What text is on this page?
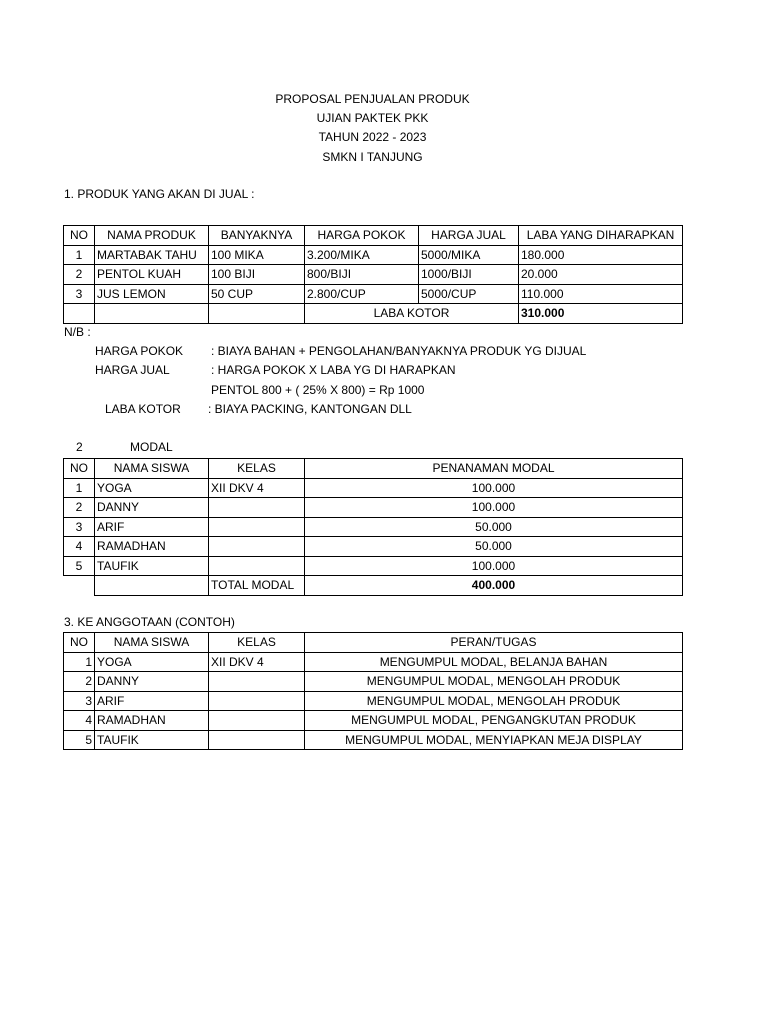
PROPOSAL PENJUALAN PRODUK
UJIAN PAKTEK PKK
TAHUN 2022 - 2023
SMKN I TANJUNG
1. PRODUK YANG AKAN DI JUAL :
NO	NAMA PRODUK	BANYAKNYA	HARGA POKOK	HARGA JUAL	LABA YANG DIHARAPKAN
1	MARTABAK TAHU	100 MIKA	3.200/MIKA	5000/MIKA	180.000
2	PENTOL KUAH	100 BIJI	800/BIJI	1000/BIJI	20.000
3	JUS LEMON	50 CUP	2.800/CUP	5000/CUP	110.000
			LABA KOTOR		310.000
N/B :
HARGA POKOK : BIAYA BAHAN + PENGOLAHAN/BANYAKNYA PRODUK YG DIJUAL
HARGA JUAL	: HARGA POKOK X LABA YG DI HARAPKAN
PENTOL 800 + ( 25% X 800) = Rp 1000
LABA KOTOR : BIAYA PACKING, KANTONGAN DLL
2	MODAL
NO	NAMA SISWA	KELAS	PENANAMAN MODAL
1	YOGA	XII DKV 4	100.000
2	DANNY		100.000
3	ARIF		50.000
4	RAMADHAN		50.000
5	TAUFIK		100.000
		TOTAL MODAL	400.000
3. KE ANGGOTAAN (CONTOH)
NO	NAMA SISWA	KELAS	PERAN/TUGAS
1	YOGA	XII DKV 4	MENGUMPUL MODAL, BELANJA BAHAN
2	DANNY		MENGUMPUL MODAL, MENGOLAH PRODUK
3	ARIF		MENGUMPUL MODAL, MENGOLAH PRODUK
4	RAMADHAN		MENGUMPUL MODAL, PENGANGKUTAN PRODUK
5	TAUFIK		MENGUMPUL MODAL, MENYIAPKAN MEJA DISPLAY
